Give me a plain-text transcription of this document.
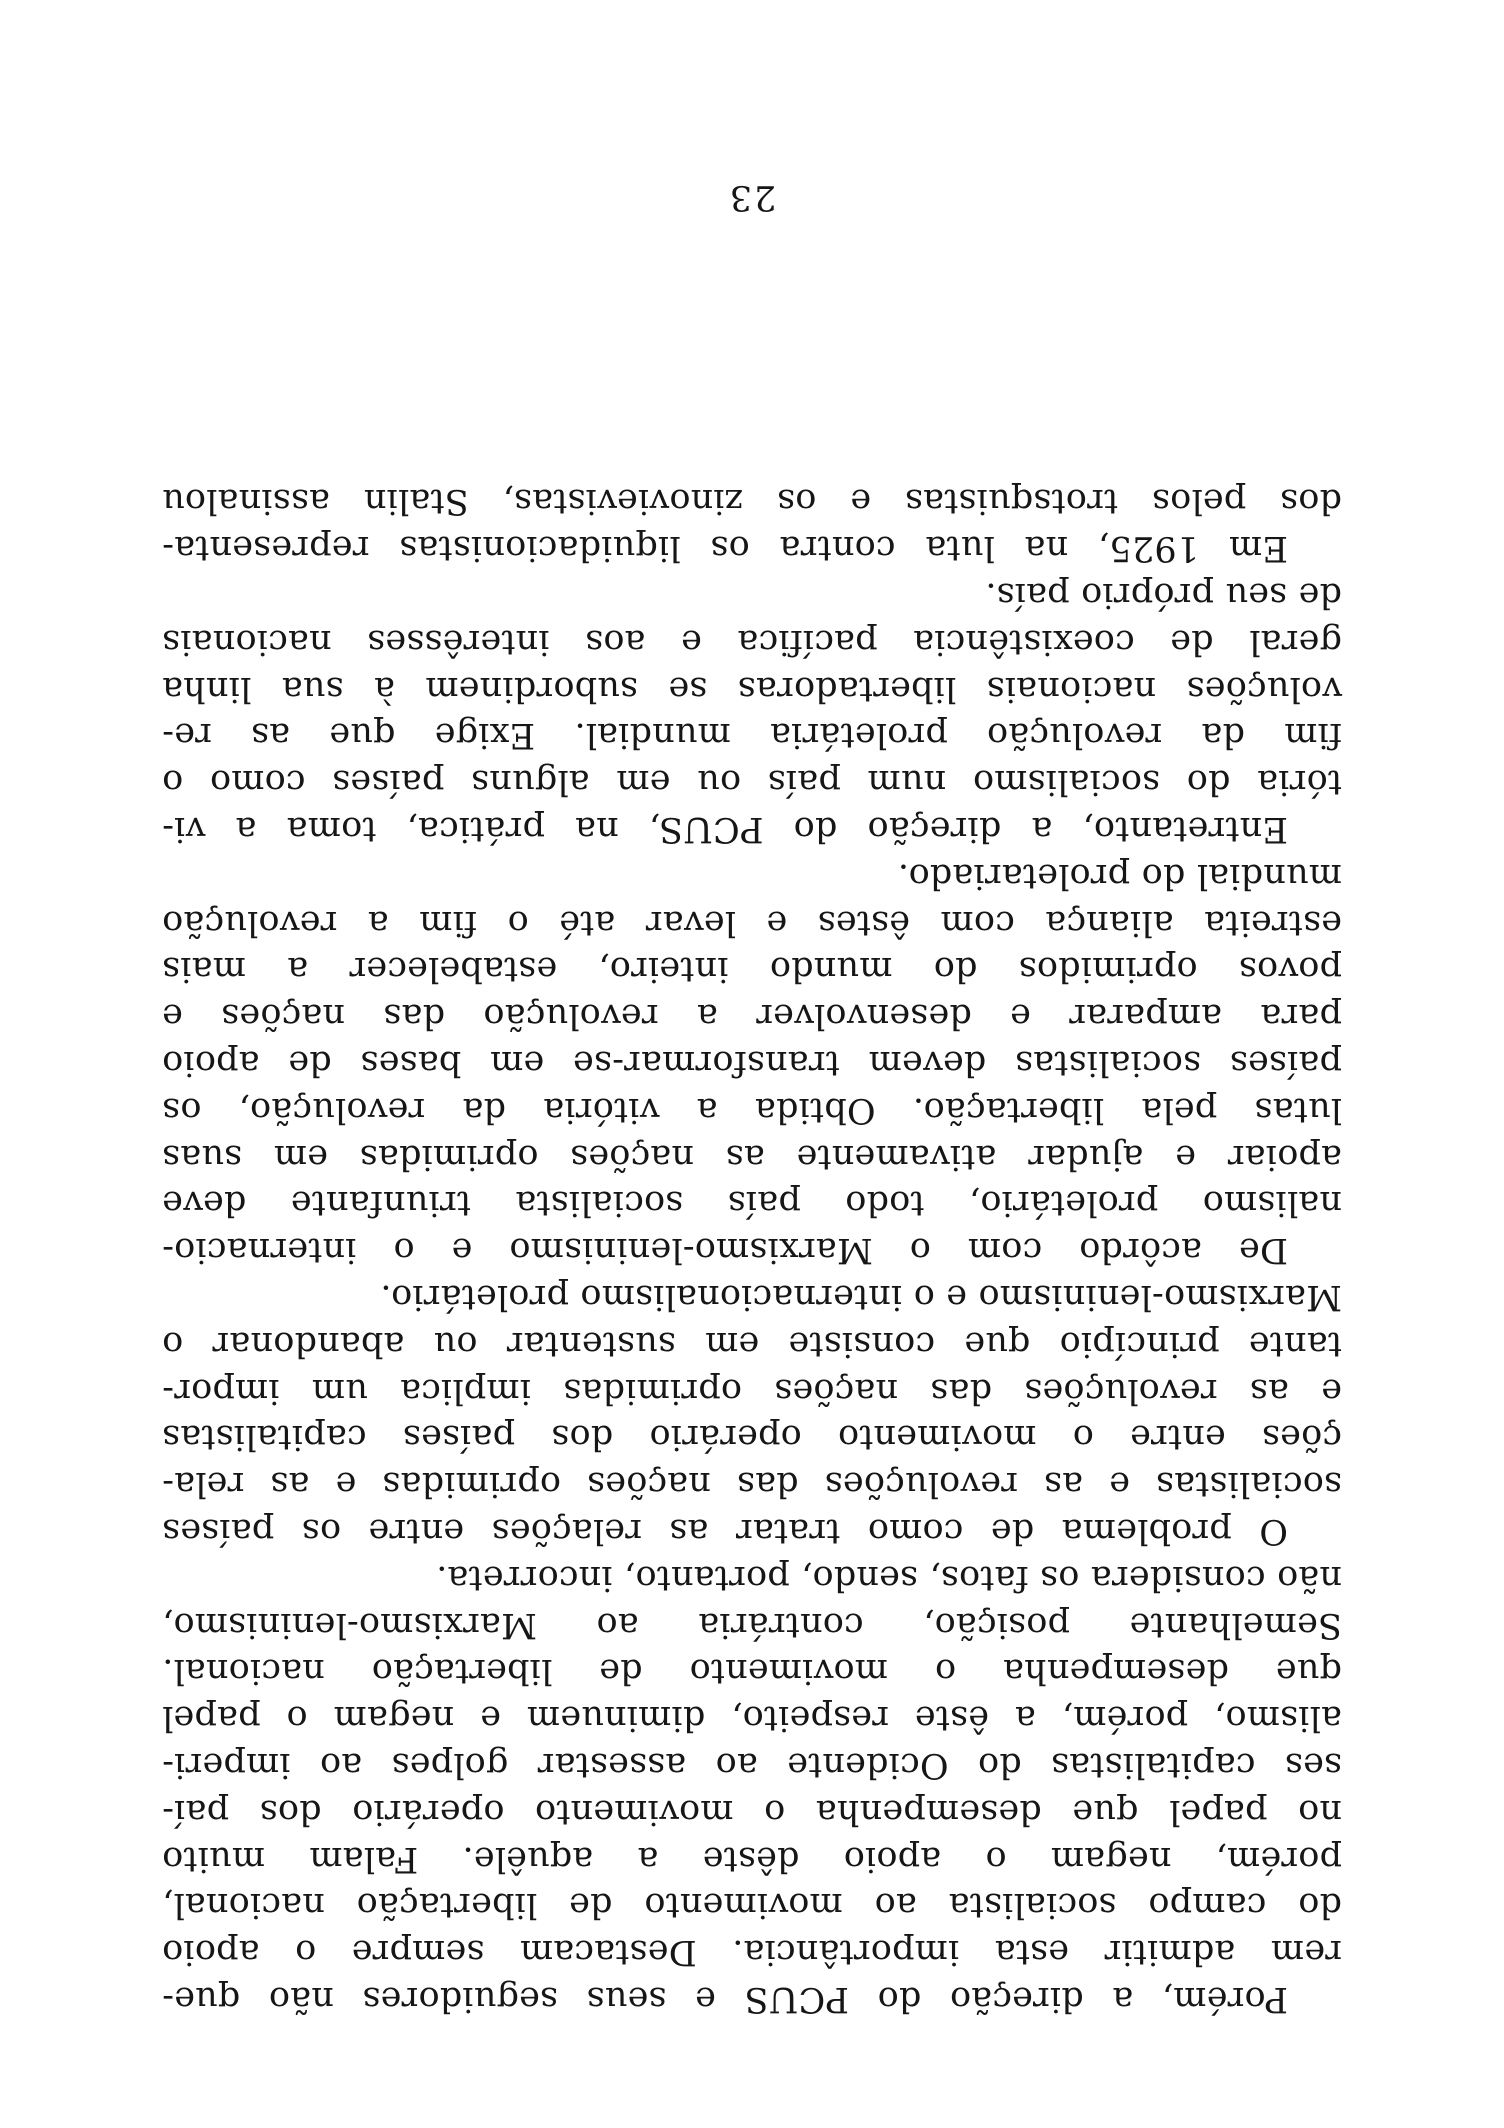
Porém, a direção do PCUS e seus seguidores não que-
rem admitir esta importância. Destacam sempre o apoio
do campo socialista ao movimento de libertação nacional,
porém, negam o apoio dêste a aquêle. Falam muito
no papel que desempenha o movimento operário dos paí-
ses capitalistas do Ocidente ao assestar golpes ao imperi-
alismo, porém, a êste respeito, diminuem e negam o papel
que desempenha o movimento de libertação nacional.
Semelhante posição, contrária ao Marxismo-leninismo,
não considera os fatos, sendo, portanto, incorreta.
O problema de como tratar as relações entre os países
socialistas e as revoluções das nações oprimidas e as rela-
ções entre o movimento operário dos países capitalistas
e as revoluções das nações oprimidas implica um impor-
tante princípio que consiste em sustentar ou abandonar o
Marxismo-leninismo e o internacionalismo proletário.
De acôrdo com o Marxismo-leninismo e o internacio-
nalismo proletário, todo país socialista triunfante deve
apoiar e ajudar ativamente as nações oprimidas em suas
lutas pela libertação. Obtida a vitória da revolução, os
países socialistas devem transformar-se em bases de apoio
para amparar e desenvolver a revolução das nações e
povos oprimidos do mundo inteiro, estabelecer a mais
estreita aliança com êstes e levar até o fim a revolução
mundial do proletariado.
Entretanto, a direção do PCUS, na prática, toma a vi-
tória do socialismo num país ou em alguns países como o
fim da revolução proletária mundial. Exige que as re-
voluções nacionais libertadoras se subordinem à sua linha
geral de coexistência pacífica e aos interêsses nacionais
de seu próprio país.
Em 1925, na luta contra os liquidacionistas representa-
dos pelos trotsquistas e os zinovievistas, Stalin assinalou
23
